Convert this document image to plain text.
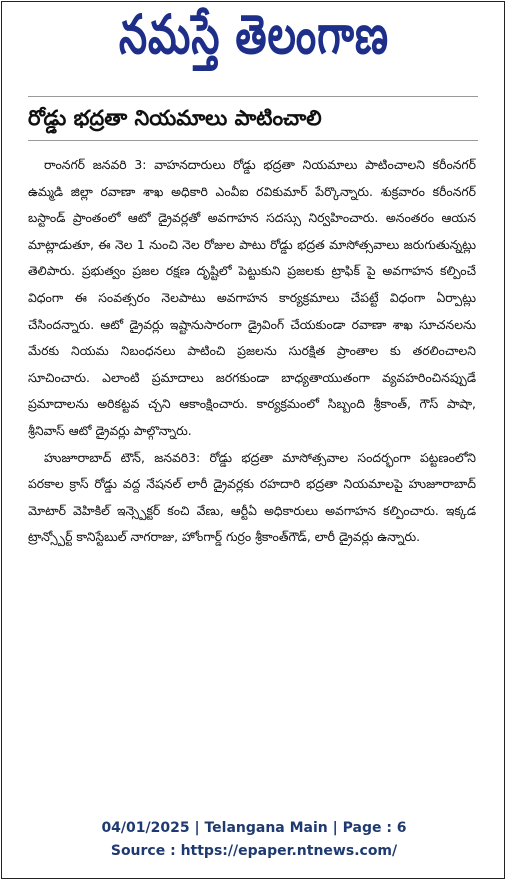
నమస్తే తెలంగాణ
రోడ్డు భద్రతా నియమాలు పాటించాలి

రాంనగర్ జనవరి 3: వాహనదారులు రోడ్డు భద్రతా నియమాలు పాటించాలని కరీంనగర్ ఉమ్మడి జిల్లా రవాణా శాఖ అధికారి ఎంవీఐ రవికుమార్ పేర్కొన్నారు. శుక్రవారం కరీంనగర్ బస్టాండ్ ప్రాంతంలో ఆటో డ్రైవర్లతో అవగాహన సదస్సు నిర్వహించారు. అనంతరం ఆయన మాట్లాడుతూ, ఈ నెల 1 నుంచి నెల రోజుల పాటు రోడ్డు భద్రత మాసోత్సవాలు జరుగుతున్నట్లు తెలిపారు. ప్రభుత్వం ప్రజల రక్షణ దృష్టిలో పెట్టుకుని ప్రజలకు ట్రాఫిక్ పై అవగాహన కల్పించే విధంగా ఈ సంవత్సరం నెలపాటు అవగాహన కార్యక్రమాలు చేపట్టే విధంగా ఏర్పాట్లు చేసిందన్నారు. ఆటో డ్రైవర్లు ఇష్టానుసారంగా డ్రైవింగ్ చేయకుండా రవాణా శాఖ సూచనలను మేరకు నియమ నిబంధనలు పాటించి ప్రజలను సురక్షిత ప్రాంతాల కు తరలించాలని సూచించారు. ఎలాంటి ప్రమాదాలు జరగకుండా బాధ్యతాయుతంగా వ్యవహరించినప్పుడే ప్రమాదాలను అరికట్టవ చ్చని ఆకాంక్షించారు. కార్యక్రమంలో సిబ్బంది శ్రీకాంత్, గౌస్ పాషా, శ్రీనివాస్ ఆటో డ్రైవర్లు పాల్గొన్నారు.

హుజూరాబాద్ టౌన్, జనవరి3: రోడ్డు భద్రతా మాసోత్సవాల సందర్భంగా పట్టణంలోని పరకాల క్రాస్ రోడ్డు వద్ద నేషనల్ లారీ డ్రైవర్లకు రహదారి భద్రతా నియమాలపై హుజూరాబాద్ మోటార్ వెహికిల్ ఇన్స్పెక్టర్ కంచి వేణు, ఆర్టీఏ అధికారులు అవగాహన కల్పించారు. ఇక్కడ ట్రాన్స్పోర్ట్ కానిస్టేబుల్ నాగరాజు, హోంగార్డ్ గుర్రం శ్రీకాంత్‌గౌడ్, లారీ డ్రైవర్లు ఉన్నారు.

04/01/2025 | Telangana Main | Page : 6
Source : https://epaper.ntnews.com/
